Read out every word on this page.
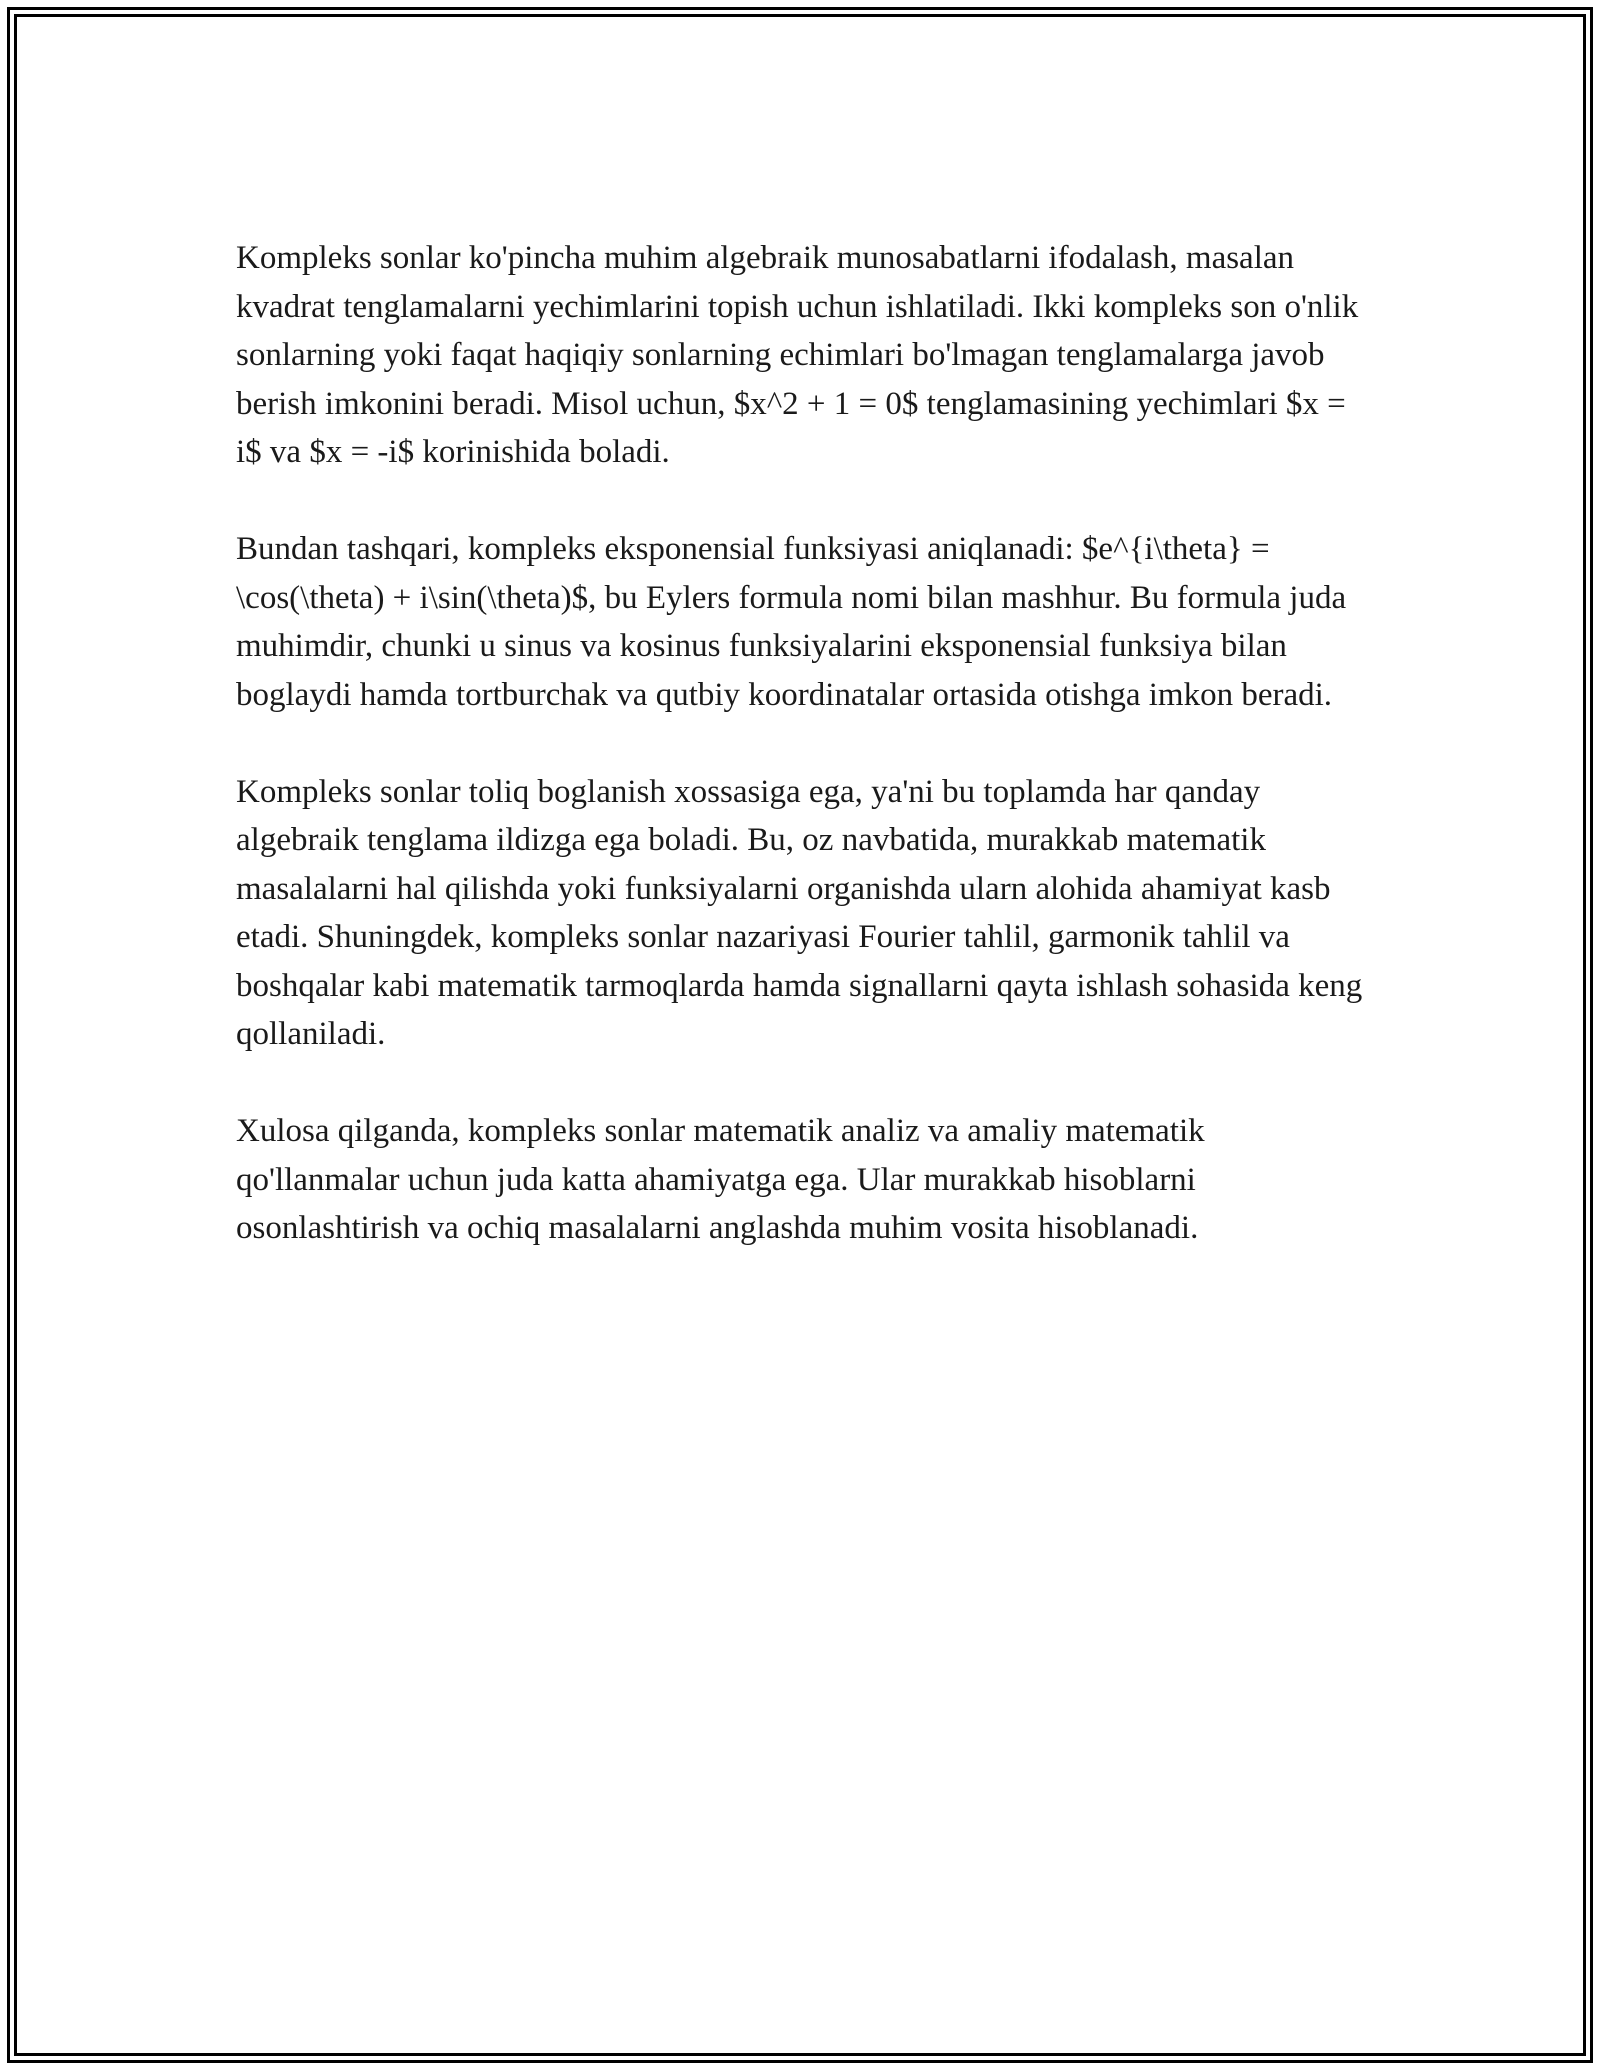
Kompleks sonlar ko'pincha muhim algebraik munosabatlarni ifodalash, masalan kvadrat tenglamalarni yechimlarini topish uchun ishlatiladi. Ikki kompleks son o'nlik sonlarning yoki faqat haqiqiy sonlarning echimlari bo'lmagan tenglamalarga javob berish imkonini beradi. Misol uchun, $x^2 + 1 = 0$ tenglamasining yechimlari $x = i$ va $x = -i$ korinishida boladi.

Bundan tashqari, kompleks eksponensial funksiyasi aniqlanadi: $e^{i\theta} = \cos(\theta) + i\sin(\theta)$, bu Eylers formula nomi bilan mashhur. Bu formula juda muhimdir, chunki u sinus va kosinus funksiyalarini eksponensial funksiya bilan boglaydi hamda tortburchak va qutbiy koordinatalar ortasida otishga imkon beradi.

Kompleks sonlar toliq boglanish xossasiga ega, ya'ni bu toplamda har qanday algebraik tenglama ildizga ega boladi. Bu, oz navbatida, murakkab matematik masalalarni hal qilishda yoki funksiyalarni organishda ularn alohida ahamiyat kasb etadi. Shuningdek, kompleks sonlar nazariyasi Fourier tahlil, garmonik tahlil va boshqalar kabi matematik tarmoqlarda hamda signallarni qayta ishlash sohasida keng qollaniladi.

Xulosa qilganda, kompleks sonlar matematik analiz va amaliy matematik qo'llanmalar uchun juda katta ahamiyatga ega. Ular murakkab hisoblarni osonlashtirish va ochiq masalalarni anglashda muhim vosita hisoblanadi.
